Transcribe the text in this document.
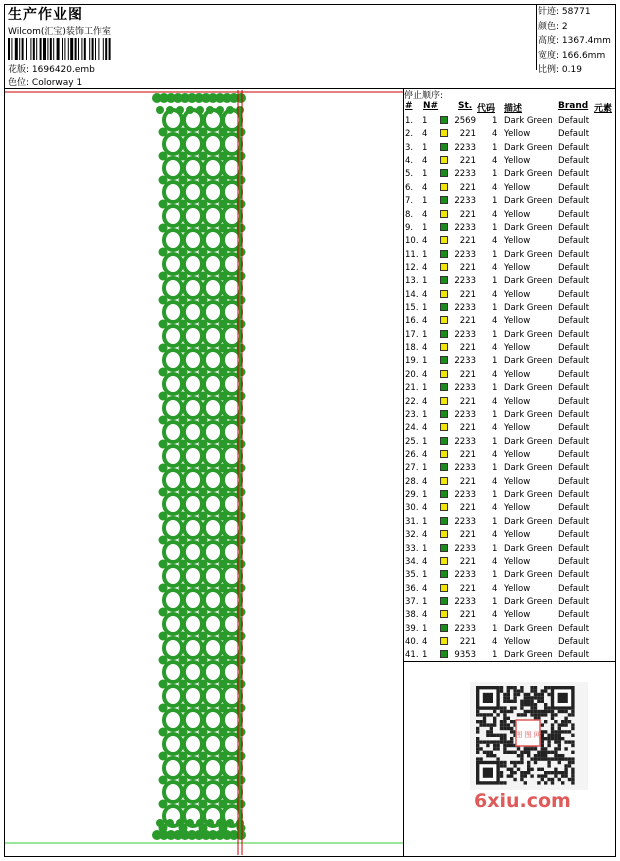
生产作业图
Wilcom(汇宝)装饰工作室
花版: 1696420.emb
色位: Colorway 1
针迹: 58771
颜色: 2
高度: 1367.4mm
宽度: 166.6mm
比例: 0.19
停止顺序:
# N# St. 代码 描述	Brand 元素
1. 1	2569 1 Dark Green Default
2. 4	221 4 Yellow	Default
3. 1	2233 1 Dark Green Default
4. 4	221 4 Yellow	Default
5. 1	2233 1 Dark Green Default
6. 4	221 4 Yellow	Default
7. 1	2233 1 Dark Green Default
8. 4	221 4 Yellow	Default
9. 1	2233 1 Dark Green Default
10. 4	221 4 Yellow	Default
11. 1	2233 1 Dark Green Default
12. 4	221 4 Yellow	Default
13. 1	2233 1 Dark Green Default
14. 4	221 4 Yellow	Default
15. 1	2233 1 Dark Green Default
16. 4	221 4 Yellow	Default
17. 1	2233 1 Dark Green Default
18. 4	221 4 Yellow	Default
19. 1	2233 1 Dark Green Default
20. 4	221 4 Yellow	Default
21. 1	2233 1 Dark Green Default
22. 4	221 4 Yellow	Default
23. 1	2233 1 Dark Green Default
24. 4	221 4 Yellow	Default
25. 1	2233 1 Dark Green Default
26. 4	221 4 Yellow	Default
27. 1	2233 1 Dark Green Default
28. 4	221 4 Yellow	Default
29. 1	2233 1 Dark Green Default
30. 4	221 4 Yellow	Default
31. 1	2233 1 Dark Green Default
32. 4	221 4 Yellow	Default
33. 1	2233 1 Dark Green Default
34. 4	221 4 Yellow	Default
35. 1	2233 1 Dark Green Default
36. 4	221 4 Yellow	Default
37. 1	2233 1 Dark Green Default
38. 4	221 4 Yellow	Default
39. 1	2233 1 Dark Green Default
40. 4	221 4 Yellow	Default
41. 1	9353 1 Dark Green Default
图 图 网
6xiu.com
